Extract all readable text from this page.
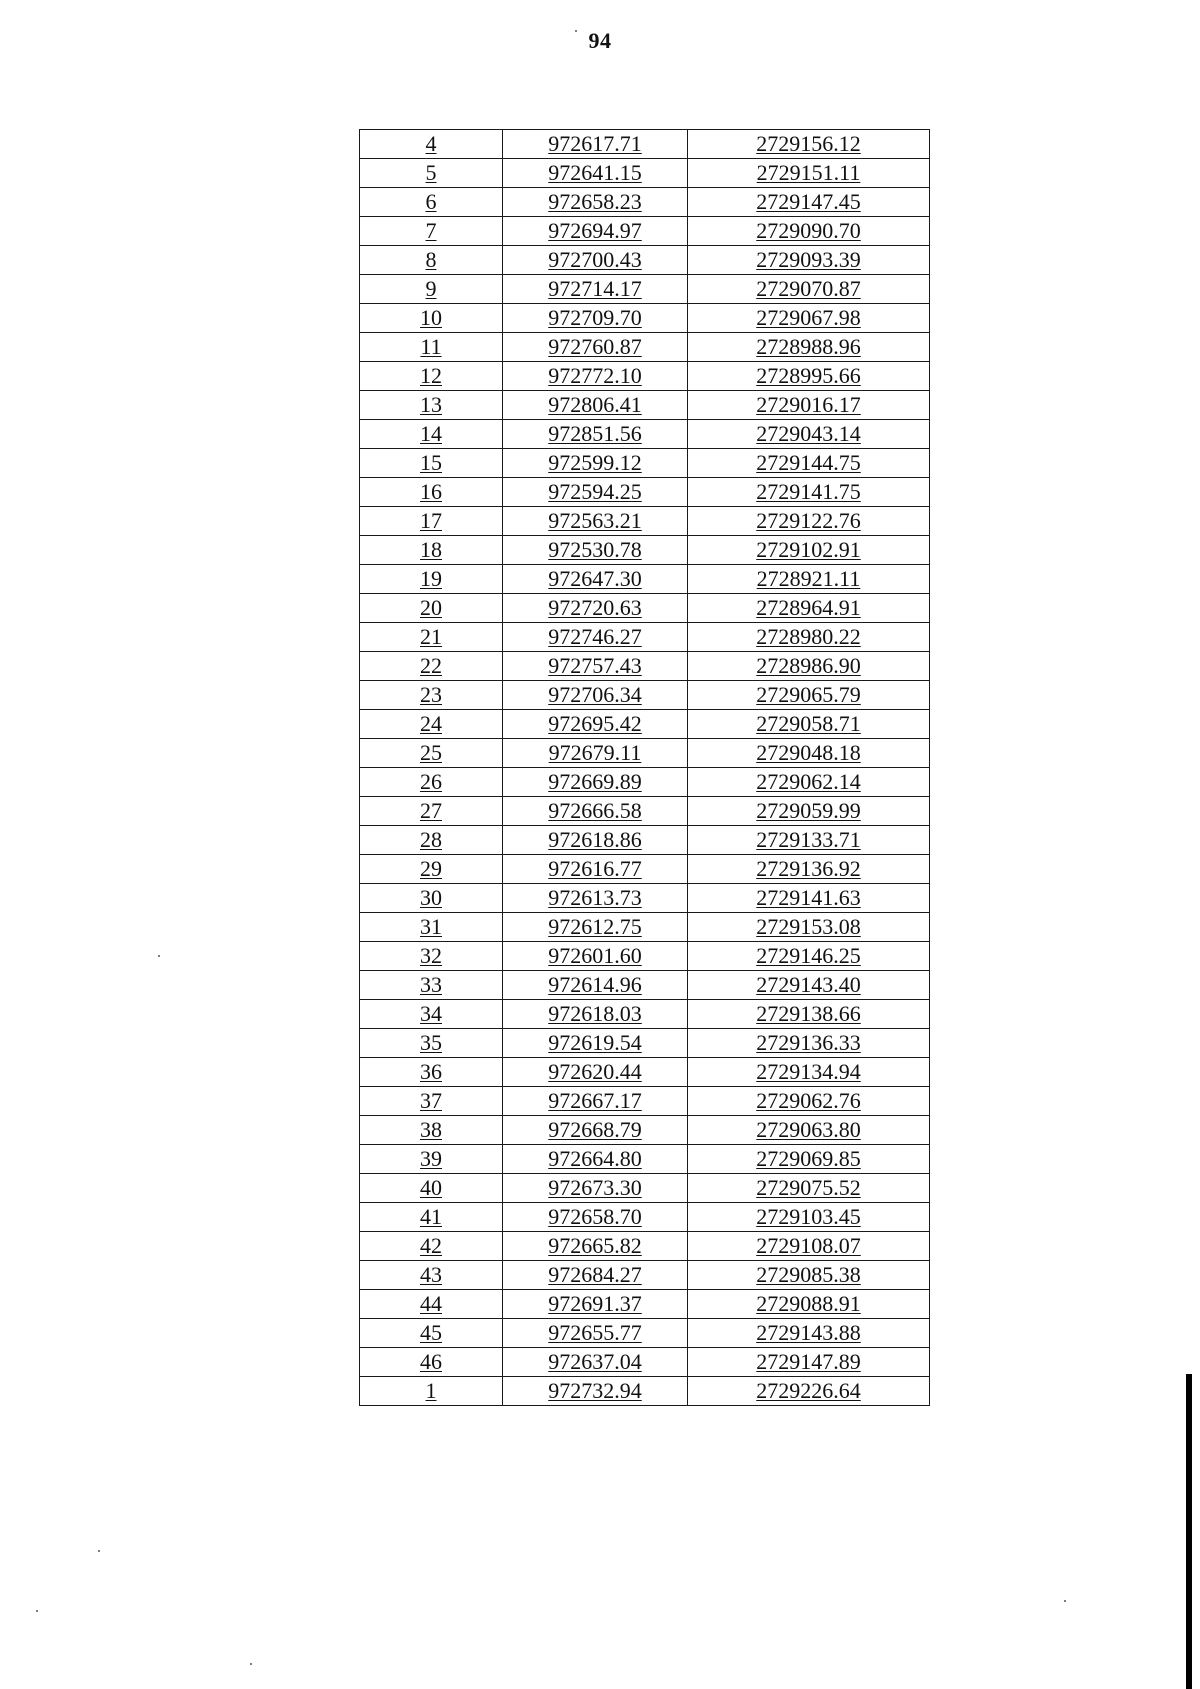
94
4	972617.71	2729156.12
5	972641.15	2729151.11
6	972658.23	2729147.45
7	972694.97	2729090.70
8	972700.43	2729093.39
9	972714.17	2729070.87
10	972709.70	2729067.98
11	972760.87	2728988.96
12	972772.10	2728995.66
13	972806.41	2729016.17
14	972851.56	2729043.14
15	972599.12	2729144.75
16	972594.25	2729141.75
17	972563.21	2729122.76
18	972530.78	2729102.91
19	972647.30	2728921.11
20	972720.63	2728964.91
21	972746.27	2728980.22
22	972757.43	2728986.90
23	972706.34	2729065.79
24	972695.42	2729058.71
25	972679.11	2729048.18
26	972669.89	2729062.14
27	972666.58	2729059.99
28	972618.86	2729133.71
29	972616.77	2729136.92
30	972613.73	2729141.63
31	972612.75	2729153.08
32	972601.60	2729146.25
33	972614.96	2729143.40
34	972618.03	2729138.66
35	972619.54	2729136.33
36	972620.44	2729134.94
37	972667.17	2729062.76
38	972668.79	2729063.80
39	972664.80	2729069.85
40	972673.30	2729075.52
41	972658.70	2729103.45
42	972665.82	2729108.07
43	972684.27	2729085.38
44	972691.37	2729088.91
45	972655.77	2729143.88
46	972637.04	2729147.89
1	972732.94	2729226.64
